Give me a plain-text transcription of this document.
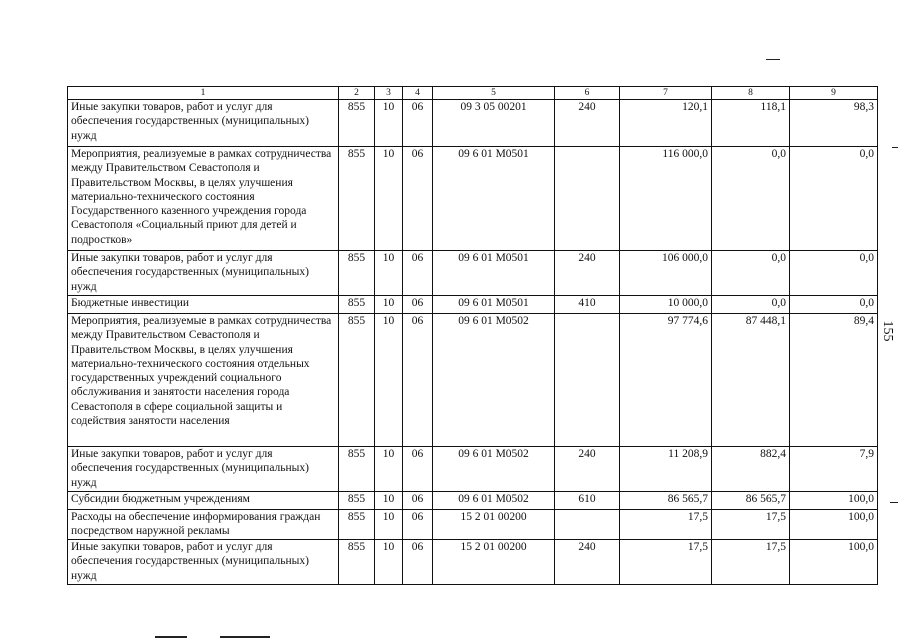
1	2	3	4	5	6	7	8	9
Иные закупки товаров, работ и услуг для обеспечения государственных (муниципальных) нужд	855	10	06	09 3 05 00201	240	120,1	118,1	98,3
Мероприятия, реализуемые в рамках сотрудничества между Правительством Севастополя и Правительством Москвы, в целях улучшения материально-технического состояния Государственного казенного учреждения города Севастополя «Социальный приют для детей и подростков»	855	10	06	09 6 01 M0501		116 000,0	0,0	0,0
Иные закупки товаров, работ и услуг для обеспечения государственных (муниципальных) нужд	855	10	06	09 6 01 M0501	240	106 000,0	0,0	0,0
Бюджетные инвестиции	855	10	06	09 6 01 M0501	410	10 000,0	0,0	0,0
Мероприятия, реализуемые в рамках сотрудничества между Правительством Севастополя и Правительством Москвы, в целях улучшения материально-технического состояния отдельных государственных учреждений социального обслуживания и занятости населения города Севастополя в сфере социальной защиты и содействия занятости населения	855	10	06	09 6 01 M0502		97 774,6	87 448,1	89,4
Иные закупки товаров, работ и услуг для обеспечения государственных (муниципальных) нужд	855	10	06	09 6 01 M0502	240	11 208,9	882,4	7,9
Субсидии бюджетным учреждениям	855	10	06	09 6 01 M0502	610	86 565,7	86 565,7	100,0
Расходы на обеспечение информирования граждан посредством наружной рекламы	855	10	06	15 2 01 00200		17,5	17,5	100,0
Иные закупки товаров, работ и услуг для обеспечения государственных (муниципальных) нужд	855	10	06	15 2 01 00200	240	17,5	17,5	100,0
155
